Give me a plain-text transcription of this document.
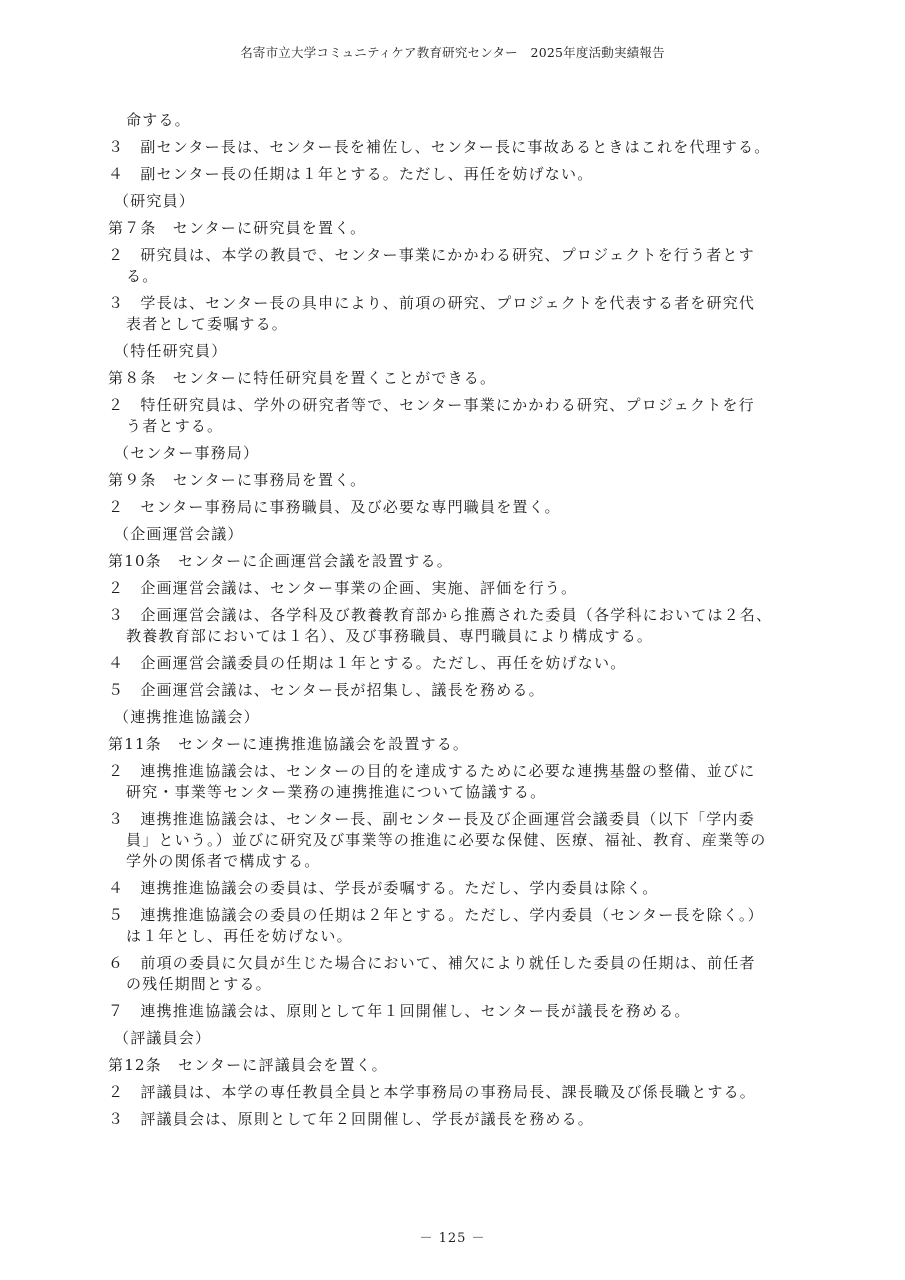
名寄市立大学コミュニティケア教育研究センター　2025年度活動実績報告
命する。
３　副センター長は、センター長を補佐し、センター長に事故あるときはこれを代理する。
４　副センター長の任期は１年とする。ただし、再任を妨げない。
（研究員）
第７条　センターに研究員を置く。
２　研究員は、本学の教員で、センター事業にかかわる研究、プロジェクトを行う者とす
る。
３　学長は、センター長の具申により、前項の研究、プロジェクトを代表する者を研究代
表者として委嘱する。
（特任研究員）
第８条　センターに特任研究員を置くことができる。
２　特任研究員は、学外の研究者等で、センター事業にかかわる研究、プロジェクトを行
う者とする。
（センター事務局）
第９条　センターに事務局を置く。
２　センター事務局に事務職員、及び必要な専門職員を置く。
（企画運営会議）
第10条　センターに企画運営会議を設置する。
２　企画運営会議は、センター事業の企画、実施、評価を行う。
３　企画運営会議は、各学科及び教養教育部から推薦された委員（各学科においては２名、
教養教育部においては１名）、及び事務職員、専門職員により構成する。
４　企画運営会議委員の任期は１年とする。ただし、再任を妨げない。
５　企画運営会議は、センター長が招集し、議長を務める。
（連携推進協議会）
第11条　センターに連携推進協議会を設置する。
２　連携推進協議会は、センターの目的を達成するために必要な連携基盤の整備、並びに
研究・事業等センター業務の連携推進について協議する。
３　連携推進協議会は、センター長、副センター長及び企画運営会議委員（以下「学内委
員」という。）並びに研究及び事業等の推進に必要な保健、医療、福祉、教育、産業等の
学外の関係者で構成する。
４　連携推進協議会の委員は、学長が委嘱する。ただし、学内委員は除く。
５　連携推進協議会の委員の任期は２年とする。ただし、学内委員（センター長を除く。）
は１年とし、再任を妨げない。
６　前項の委員に欠員が生じた場合において、補欠により就任した委員の任期は、前任者
の残任期間とする。
７　連携推進協議会は、原則として年１回開催し、センター長が議長を務める。
（評議員会）
第12条　センターに評議員会を置く。
２　評議員は、本学の専任教員全員と本学事務局の事務局長、課長職及び係長職とする。
３　評議員会は、原則として年２回開催し、学長が議長を務める。
－ 125 －
